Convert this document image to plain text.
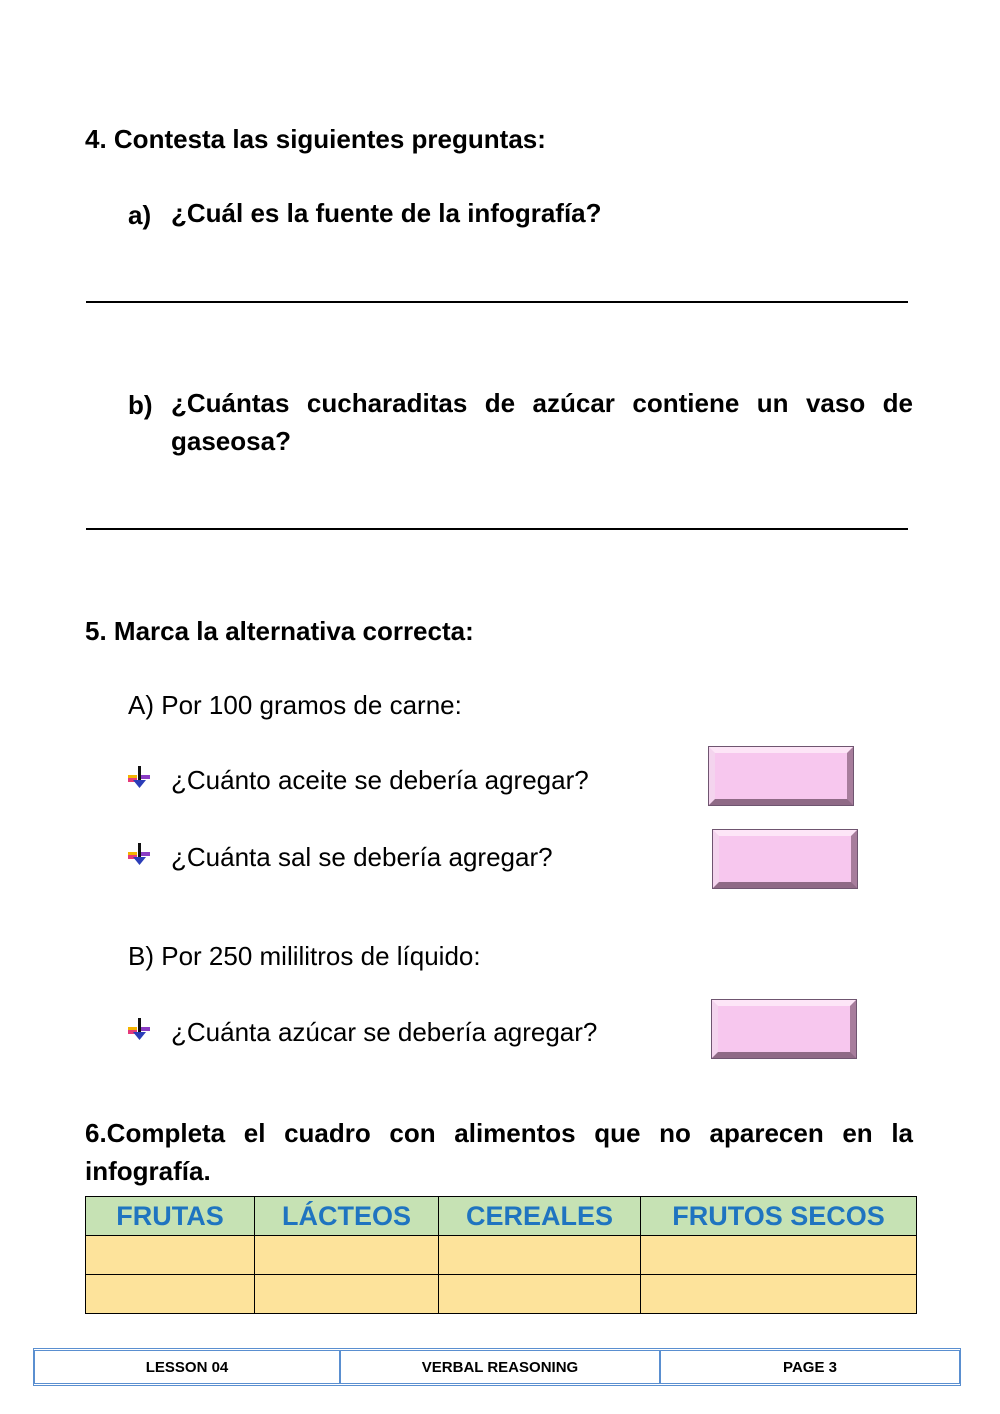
4. Contesta las siguientes preguntas:
a) ¿Cuál es la fuente de la infografía?
b) ¿Cuántas cucharaditas de azúcar contiene un vaso de gaseosa?
5. Marca la alternativa correcta:
A) Por 100 gramos de carne:
¿Cuánto aceite se debería agregar?
¿Cuánta sal se debería agregar?
B) Por 250 mililitros de líquido:
¿Cuánta azúcar se debería agregar?
6.Completa el cuadro con alimentos que no aparecen en la infografía.
FRUTAS	LÁCTEOS	CEREALES	FRUTOS SECOS

LESSON 04	VERBAL REASONING	PAGE 3
